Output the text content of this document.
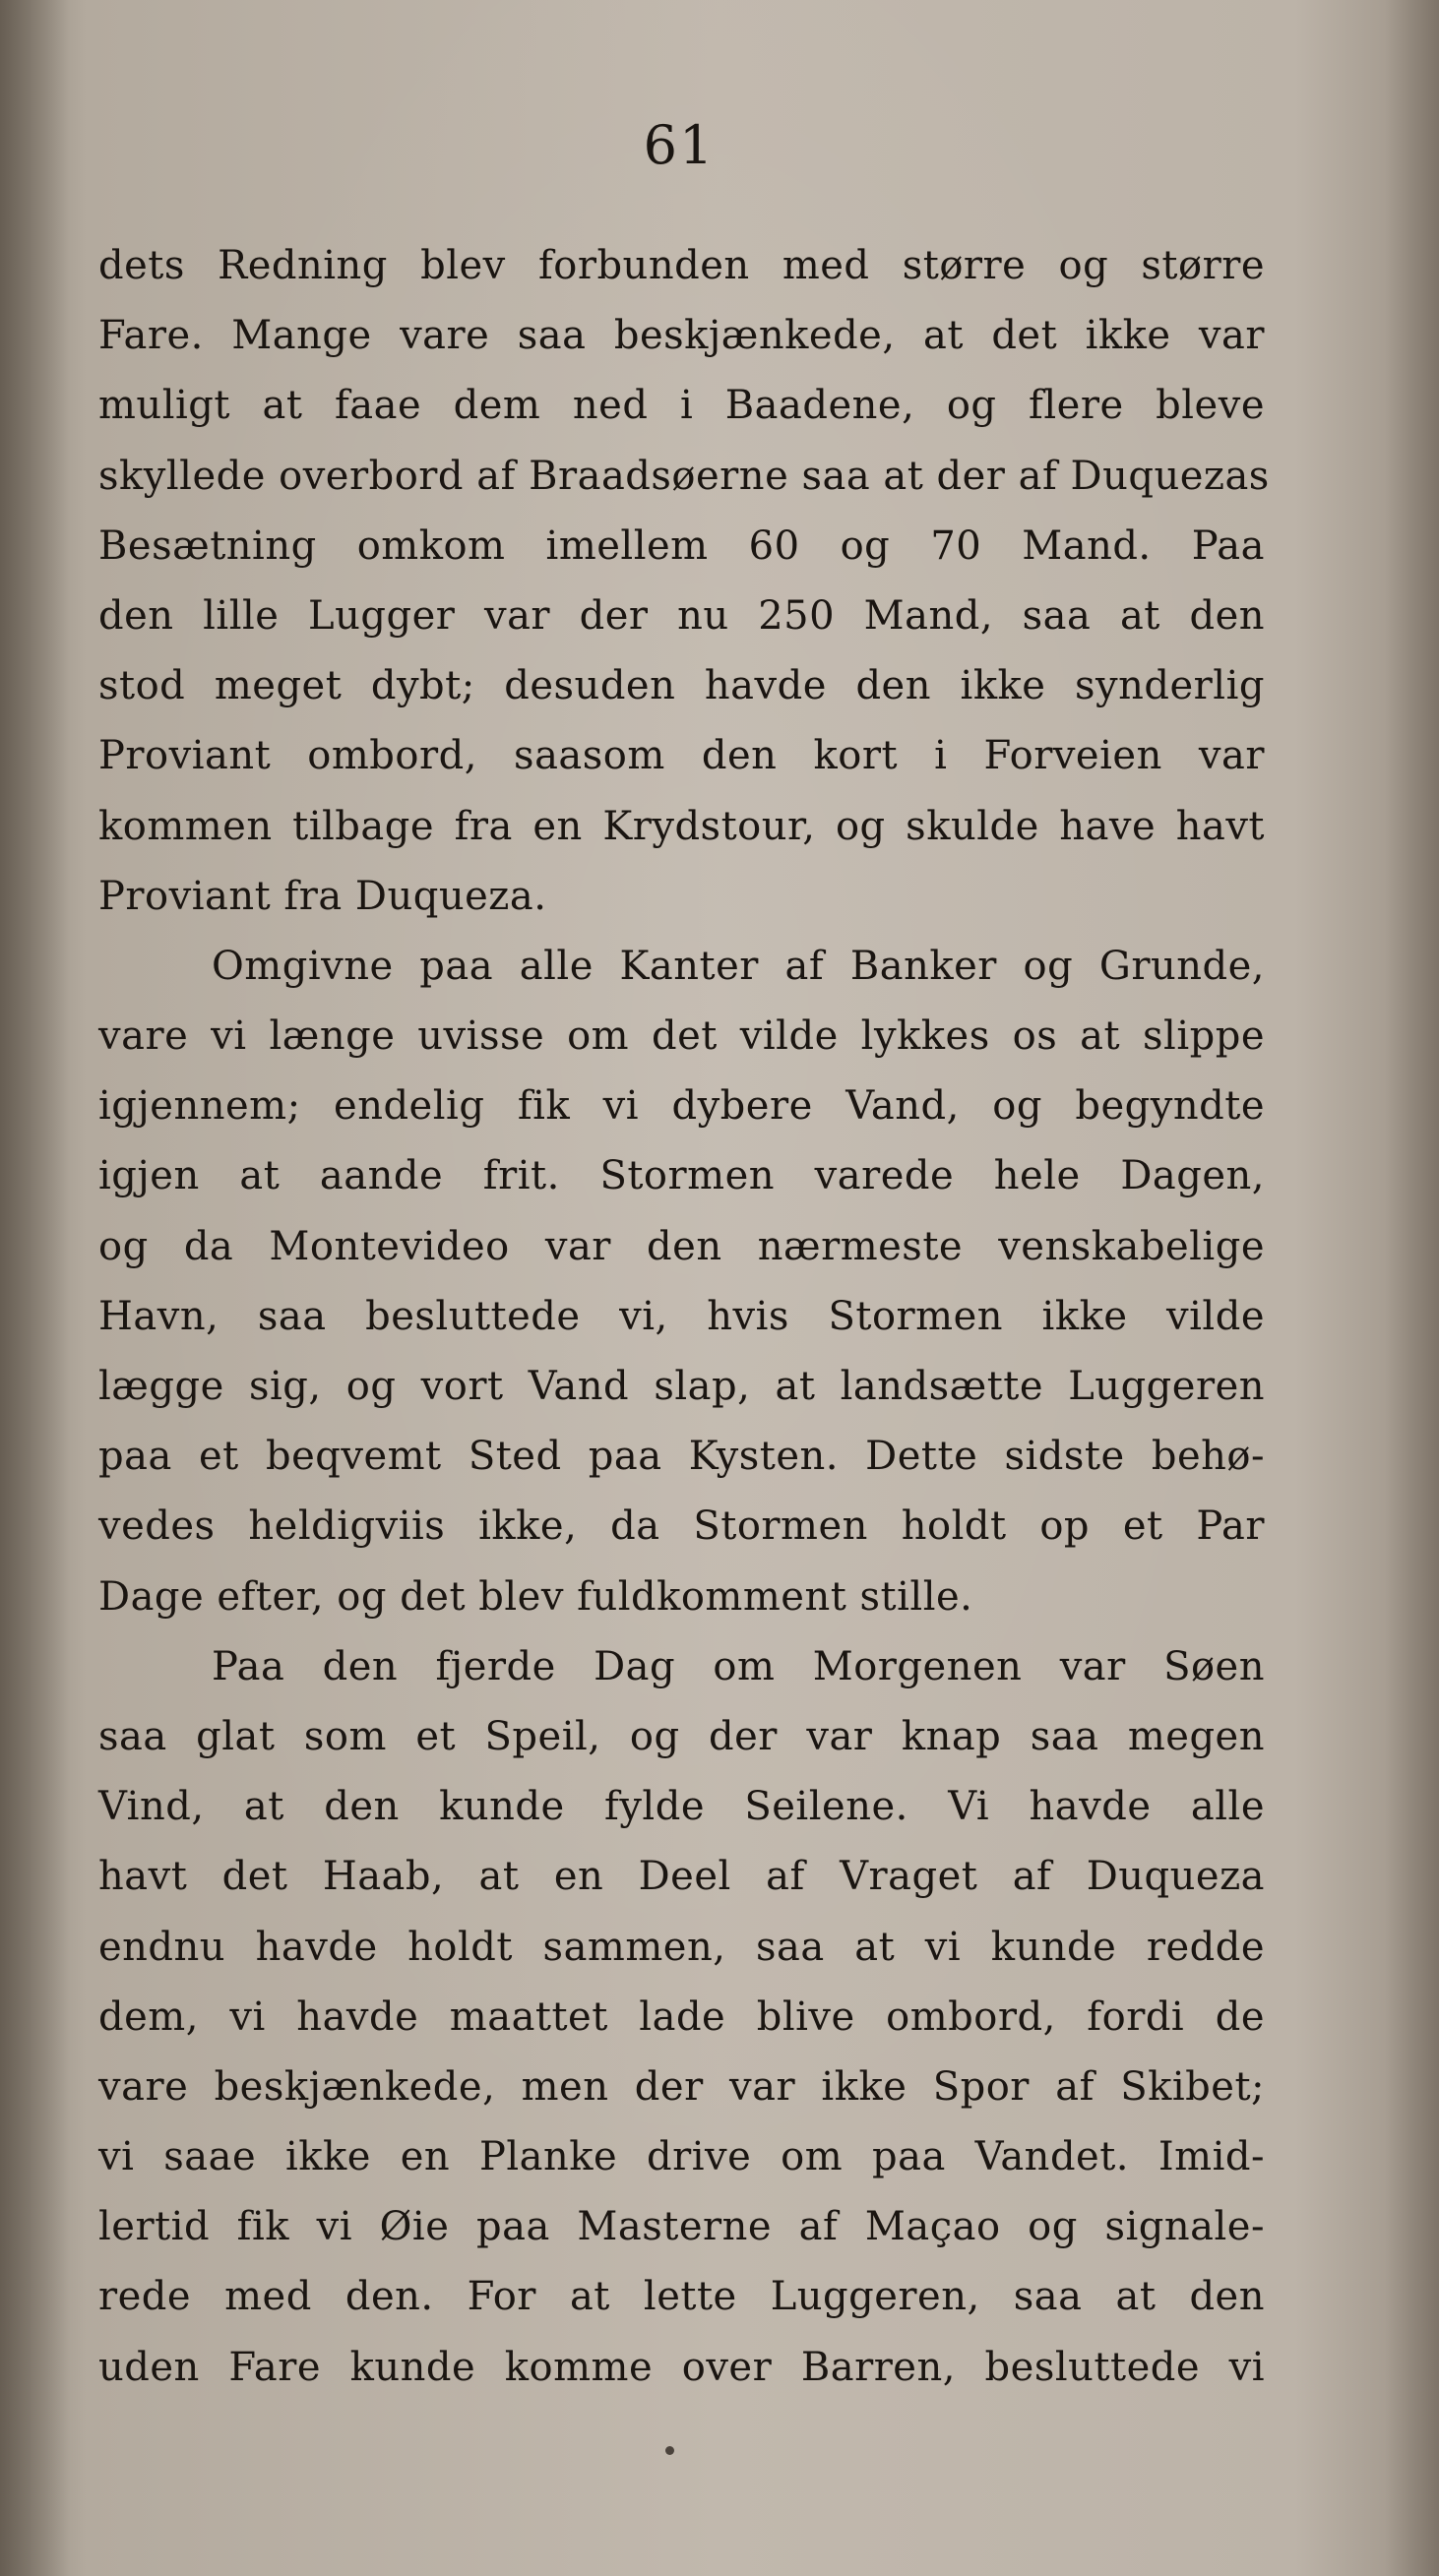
61
dets Redning blev forbunden med større og større
Fare. Mange vare saa beskjænkede, at det ikke var
muligt at faae dem ned i Baadene, og flere bleve
skyllede overbord af Braadsøerne saa at der af Duquezas
Besætning omkom imellem 60 og 70 Mand. Paa
den lille Lugger var der nu 250 Mand, saa at den
stod meget dybt; desuden havde den ikke synderlig
Proviant ombord, saasom den kort i Forveien var
kommen tilbage fra en Krydstour, og skulde have havt
Proviant fra Duqueza.
Omgivne paa alle Kanter af Banker og Grunde,
vare vi længe uvisse om det vilde lykkes os at slippe
igjennem; endelig fik vi dybere Vand, og begyndte
igjen at aande frit. Stormen varede hele Dagen,
og da Montevideo var den nærmeste venskabelige
Havn, saa besluttede vi, hvis Stormen ikke vilde
lægge sig, og vort Vand slap, at landsætte Luggeren
paa et beqvemt Sted paa Kysten. Dette sidste behø-
vedes heldigviis ikke, da Stormen holdt op et Par
Dage efter, og det blev fuldkomment stille.
Paa den fjerde Dag om Morgenen var Søen
saa glat som et Speil, og der var knap saa megen
Vind, at den kunde fylde Seilene. Vi havde alle
havt det Haab, at en Deel af Vraget af Duqueza
endnu havde holdt sammen, saa at vi kunde redde
dem, vi havde maattet lade blive ombord, fordi de
vare beskjænkede, men der var ikke Spor af Skibet;
vi saae ikke en Planke drive om paa Vandet. Imid-
lertid fik vi Øie paa Masterne af Maçao og signale-
rede med den. For at lette Luggeren, saa at den
uden Fare kunde komme over Barren, besluttede vi
